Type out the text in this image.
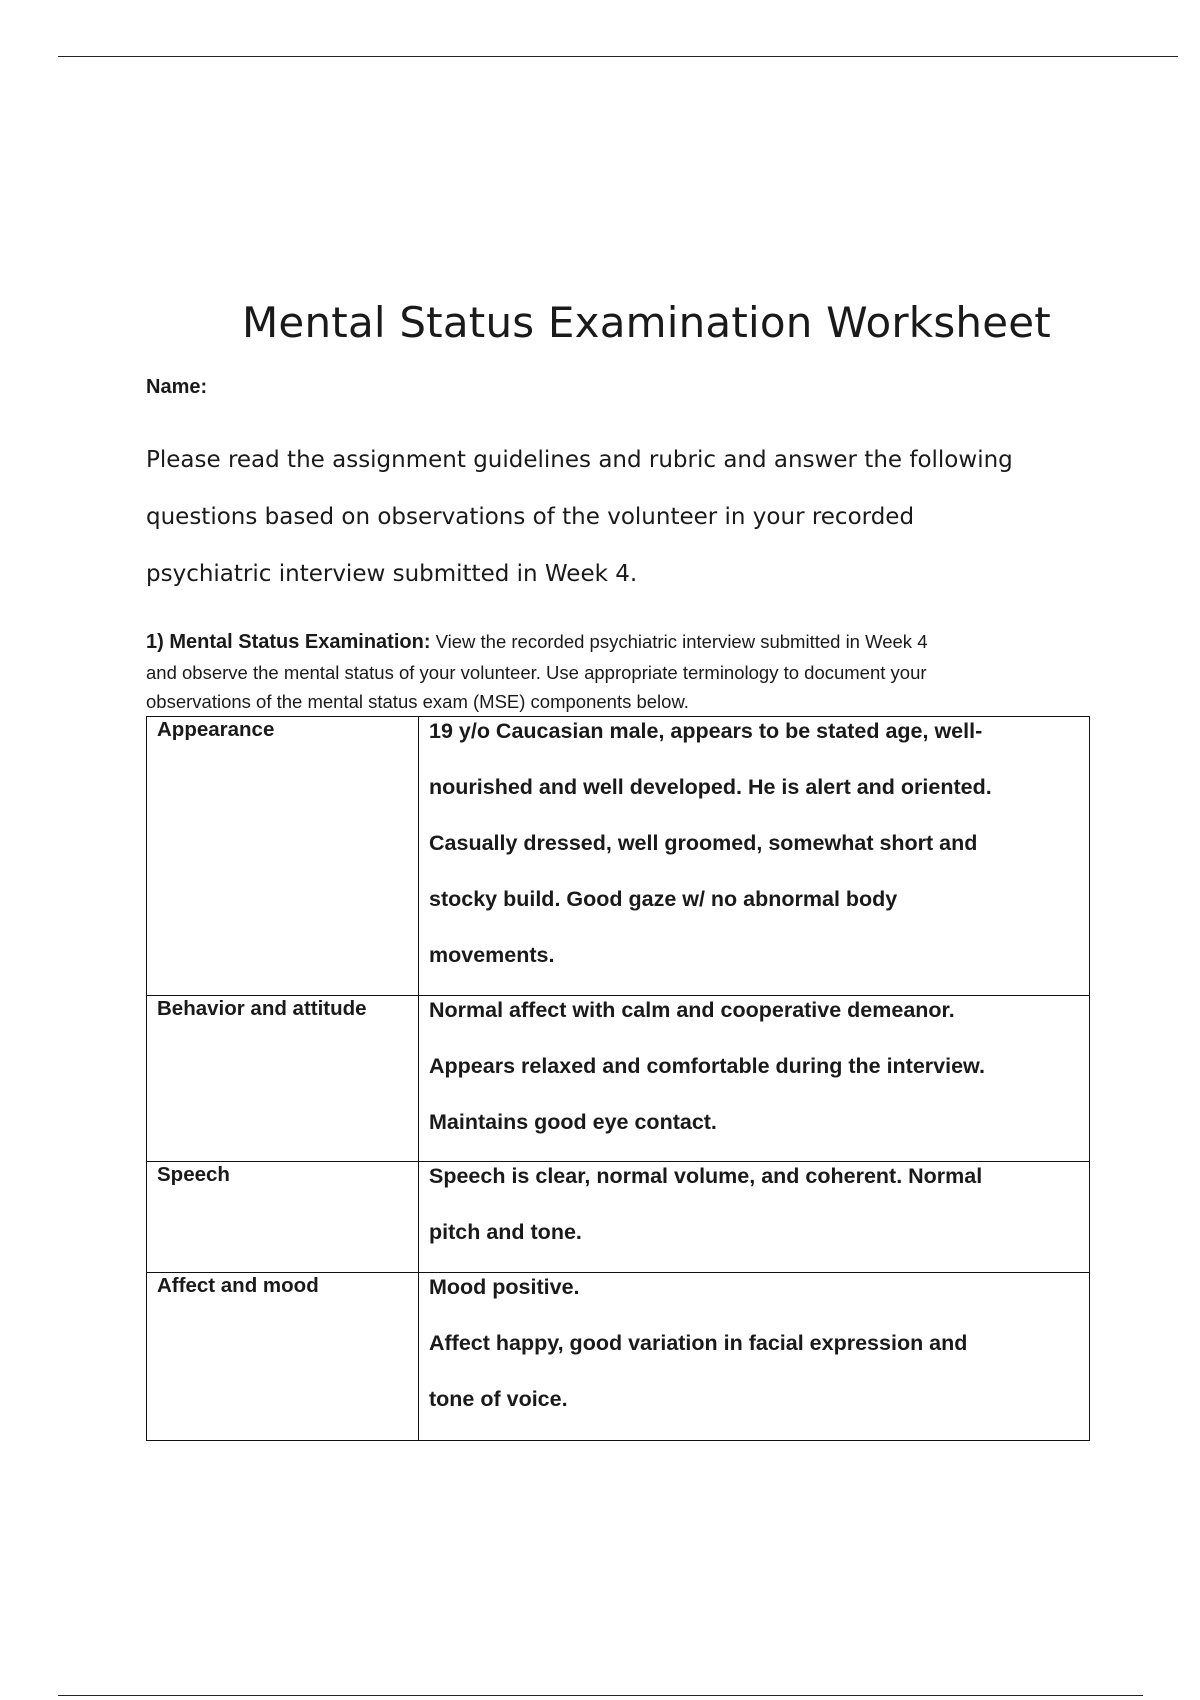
Mental Status Examination Worksheet
Name:

Please read the assignment guidelines and rubric and answer the following

questions based on observations of the volunteer in your recorded

psychiatric interview submitted in Week 4.

1) Mental Status Examination: View the recorded psychiatric interview submitted in Week 4

and observe the mental status of your volunteer. Use appropriate terminology to document your

observations of the mental status exam (MSE) components below.

Appearance	19 y/o Caucasian male, appears to be stated age, well-

nourished and well developed. He is alert and oriented.

Casually dressed, well groomed, somewhat short and

stocky build. Good gaze w/ no abnormal body

movements.

Behavior and attitude	Normal affect with calm and cooperative demeanor.

Appears relaxed and comfortable during the interview.

Maintains good eye contact.

Speech	Speech is clear, normal volume, and coherent. Normal

pitch and tone.

Affect and mood	Mood positive.

Affect happy, good variation in facial expression and

tone of voice.
